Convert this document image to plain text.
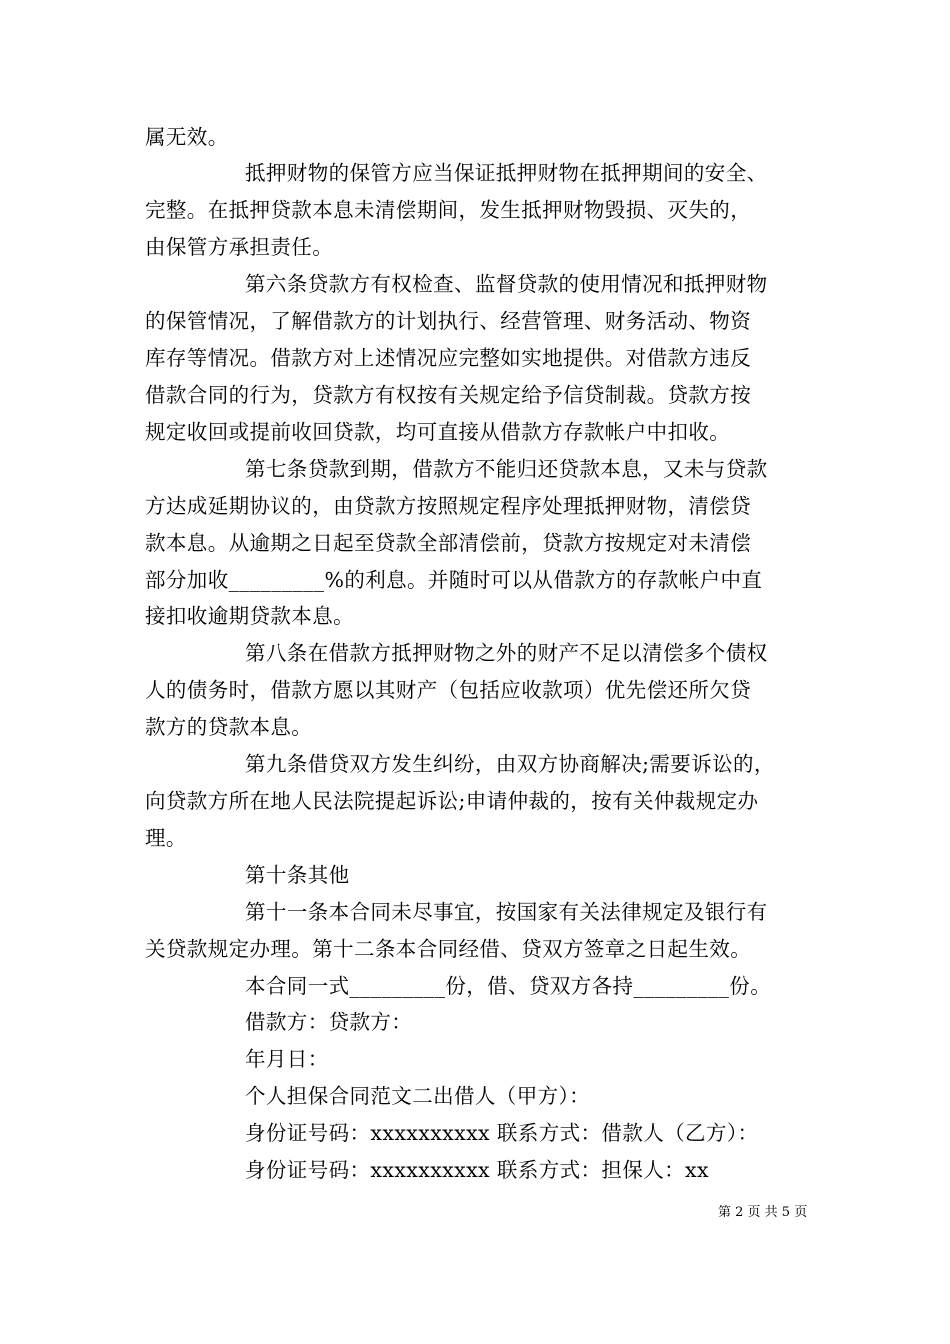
属无效。
抵押财物的保管方应当保证抵押财物在抵押期间的安全、
完整。在抵押贷款本息未清偿期间，发生抵押财物毁损、灭失的，
由保管方承担责任。
第六条贷款方有权检查、监督贷款的使用情况和抵押财物
的保管情况，了解借款方的计划执行、经营管理、财务活动、物资
库存等情况。借款方对上述情况应完整如实地提供。对借款方违反
借款合同的行为，贷款方有权按有关规定给予信贷制裁。贷款方按
规定收回或提前收回贷款，均可直接从借款方存款帐户中扣收。
第七条贷款到期，借款方不能归还贷款本息，又未与贷款
方达成延期协议的，由贷款方按照规定程序处理抵押财物，清偿贷
款本息。从逾期之日起至贷款全部清偿前，贷款方按规定对未清偿
部分加收_________%的利息。并随时可以从借款方的存款帐户中直
接扣收逾期贷款本息。
第八条在借款方抵押财物之外的财产不足以清偿多个债权
人的债务时，借款方愿以其财产（包括应收款项）优先偿还所欠贷
款方的贷款本息。
第九条借贷双方发生纠纷，由双方协商解决;需要诉讼的，
向贷款方所在地人民法院提起诉讼;申请仲裁的，按有关仲裁规定办
理。
第十条其他
第十一条本合同未尽事宜，按国家有关法律规定及银行有
关贷款规定办理。第十二条本合同经借、贷双方签章之日起生效。
本合同一式_________份，借、贷双方各持_________份。
借款方：贷款方：
年月日：
个人担保合同范文二出借人（甲方）：
身份证号码：xxxxxxxxxx 联系方式：借款人（乙方）：
身份证号码：xxxxxxxxxx 联系方式：担保人：xx
第 2 页 共 5 页
